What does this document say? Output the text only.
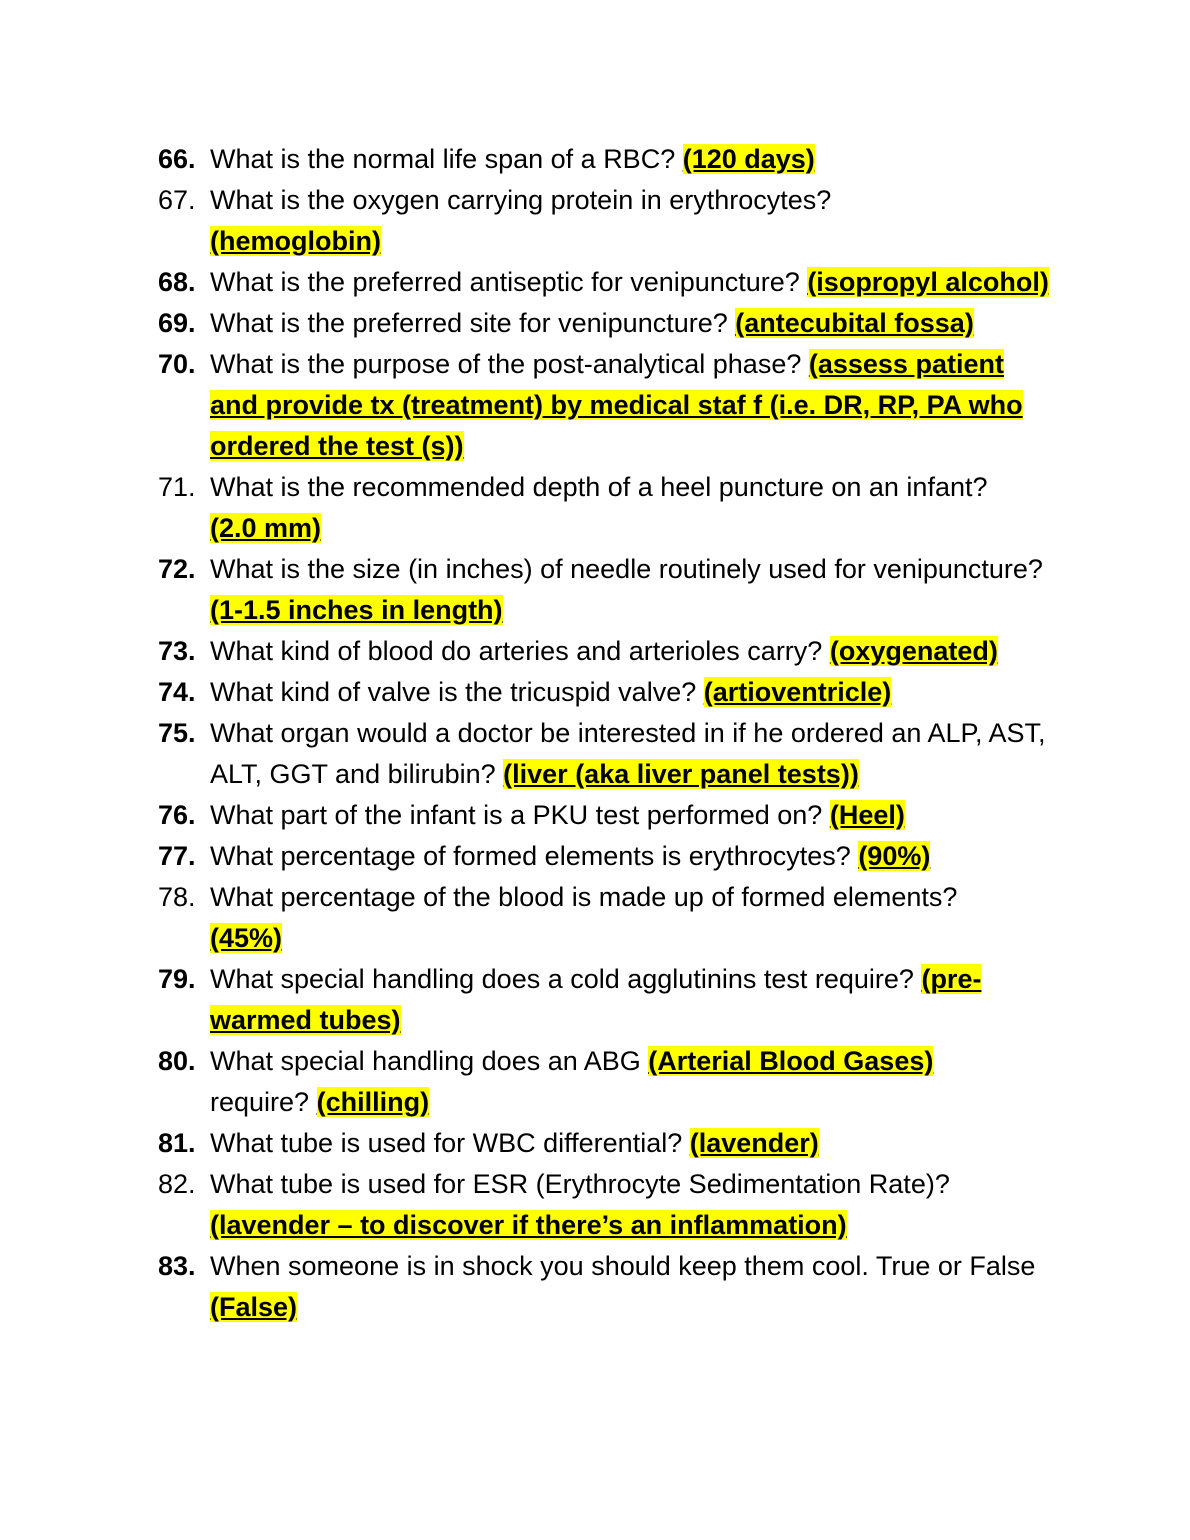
66. What is the normal life span of a RBC? (120 days)
67. What is the oxygen carrying protein in erythrocytes?
(hemoglobin)
68. What is the preferred antiseptic for venipuncture? (isopropyl alcohol)
69. What is the preferred site for venipuncture? (antecubital fossa)
70. What is the purpose of the post-analytical phase? (assess patient and provide tx (treatment) by medical staf f (i.e. DR, RP, PA who ordered the test (s))
71. What is the recommended depth of a heel puncture on an infant?
(2.0 mm)
72. What is the size (in inches) of needle routinely used for venipuncture? (1-1.5 inches in length)
73. What kind of blood do arteries and arterioles carry? (oxygenated)
74. What kind of valve is the tricuspid valve? (artioventricle)
75. What organ would a doctor be interested in if he ordered an ALP, AST, ALT, GGT and bilirubin? (liver (aka liver panel tests))
76. What part of the infant is a PKU test performed on? (Heel)
77. What percentage of formed elements is erythrocytes? (90%)
78. What percentage of the blood is made up of formed elements?
(45%)
79. What special handling does a cold agglutinins test require? (pre-warmed tubes)
80. What special handling does an ABG (Arterial Blood Gases)
require? (chilling)
81. What tube is used for WBC differential? (lavender)
82. What tube is used for ESR (Erythrocyte Sedimentation Rate)?
(lavender – to discover if there’s an inflammation)
83. When someone is in shock you should keep them cool. True or False (False)
